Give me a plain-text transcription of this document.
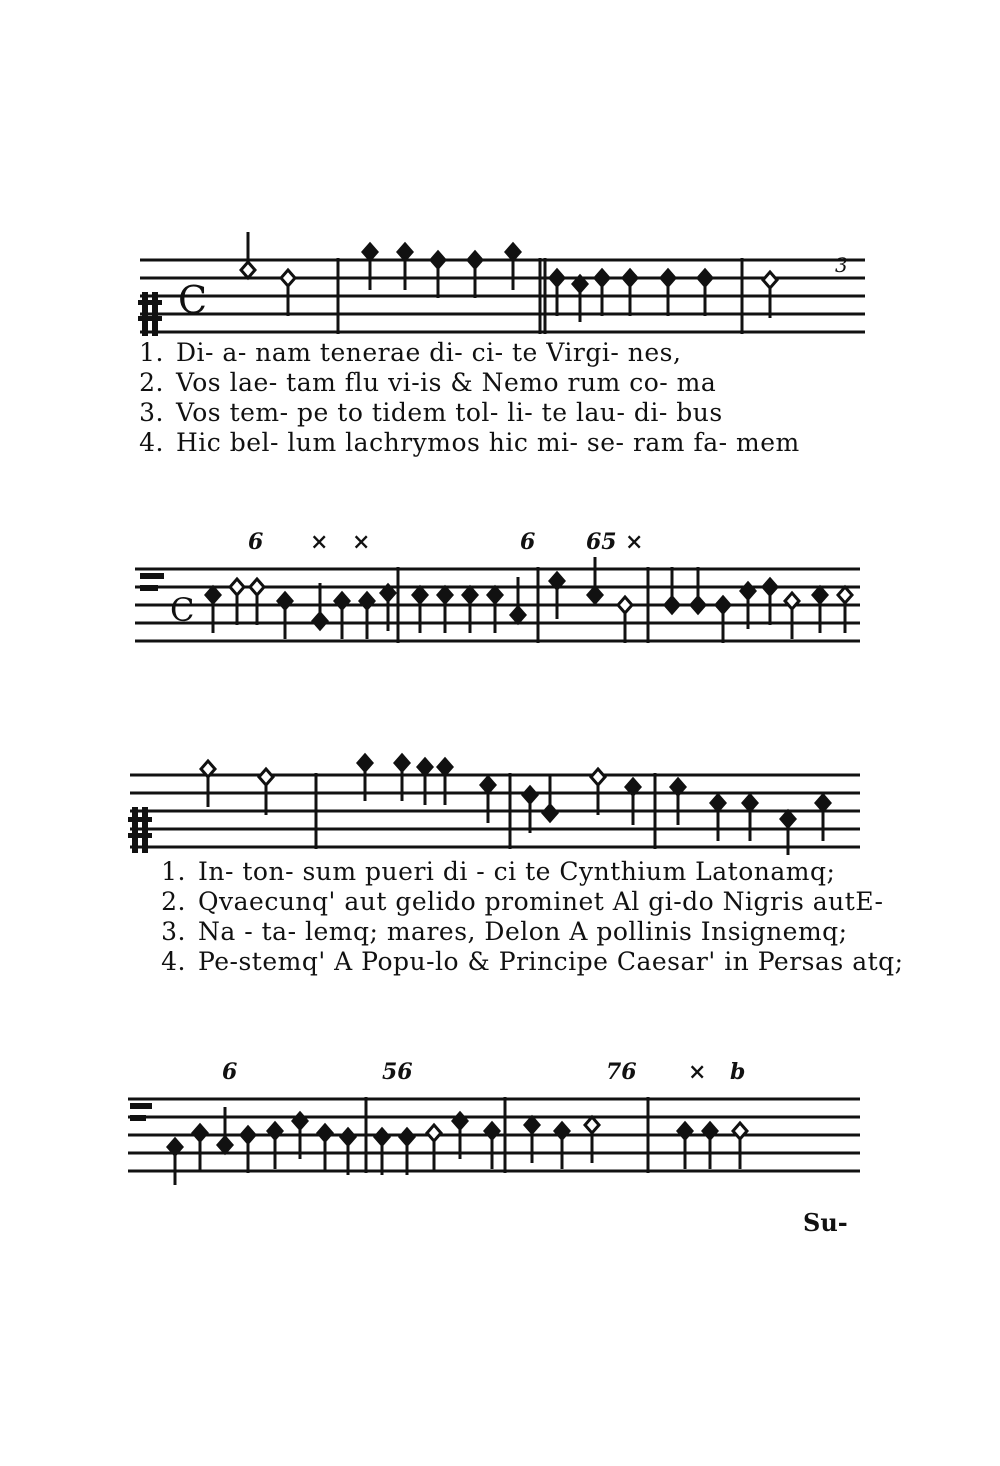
C
3
1. Di- a- nam tenerae di- ci- te Virgi- nes,
2. Vos lae- tam flu vi-is & Nemo rum co- ma
3. Vos tem- pe to tidem tol- li- te lau- di- bus
4. Hic bel- lum lachrymos hic mi- se- ram fa- mem
6 × ×	6 65 ×
C
1. In- ton- sum pueri di - ci te Cynthium Latonamq;
2. Qvaecunq' aut gelido prominet Al gi-do Nigris autE-
3. Na - ta- lemq; mares, Delon A pollinis Insignemq;
4. Pe-stemq' A Popu-lo & Principe Caesar' in Persas atq;
6	56	76 × b
Su-
